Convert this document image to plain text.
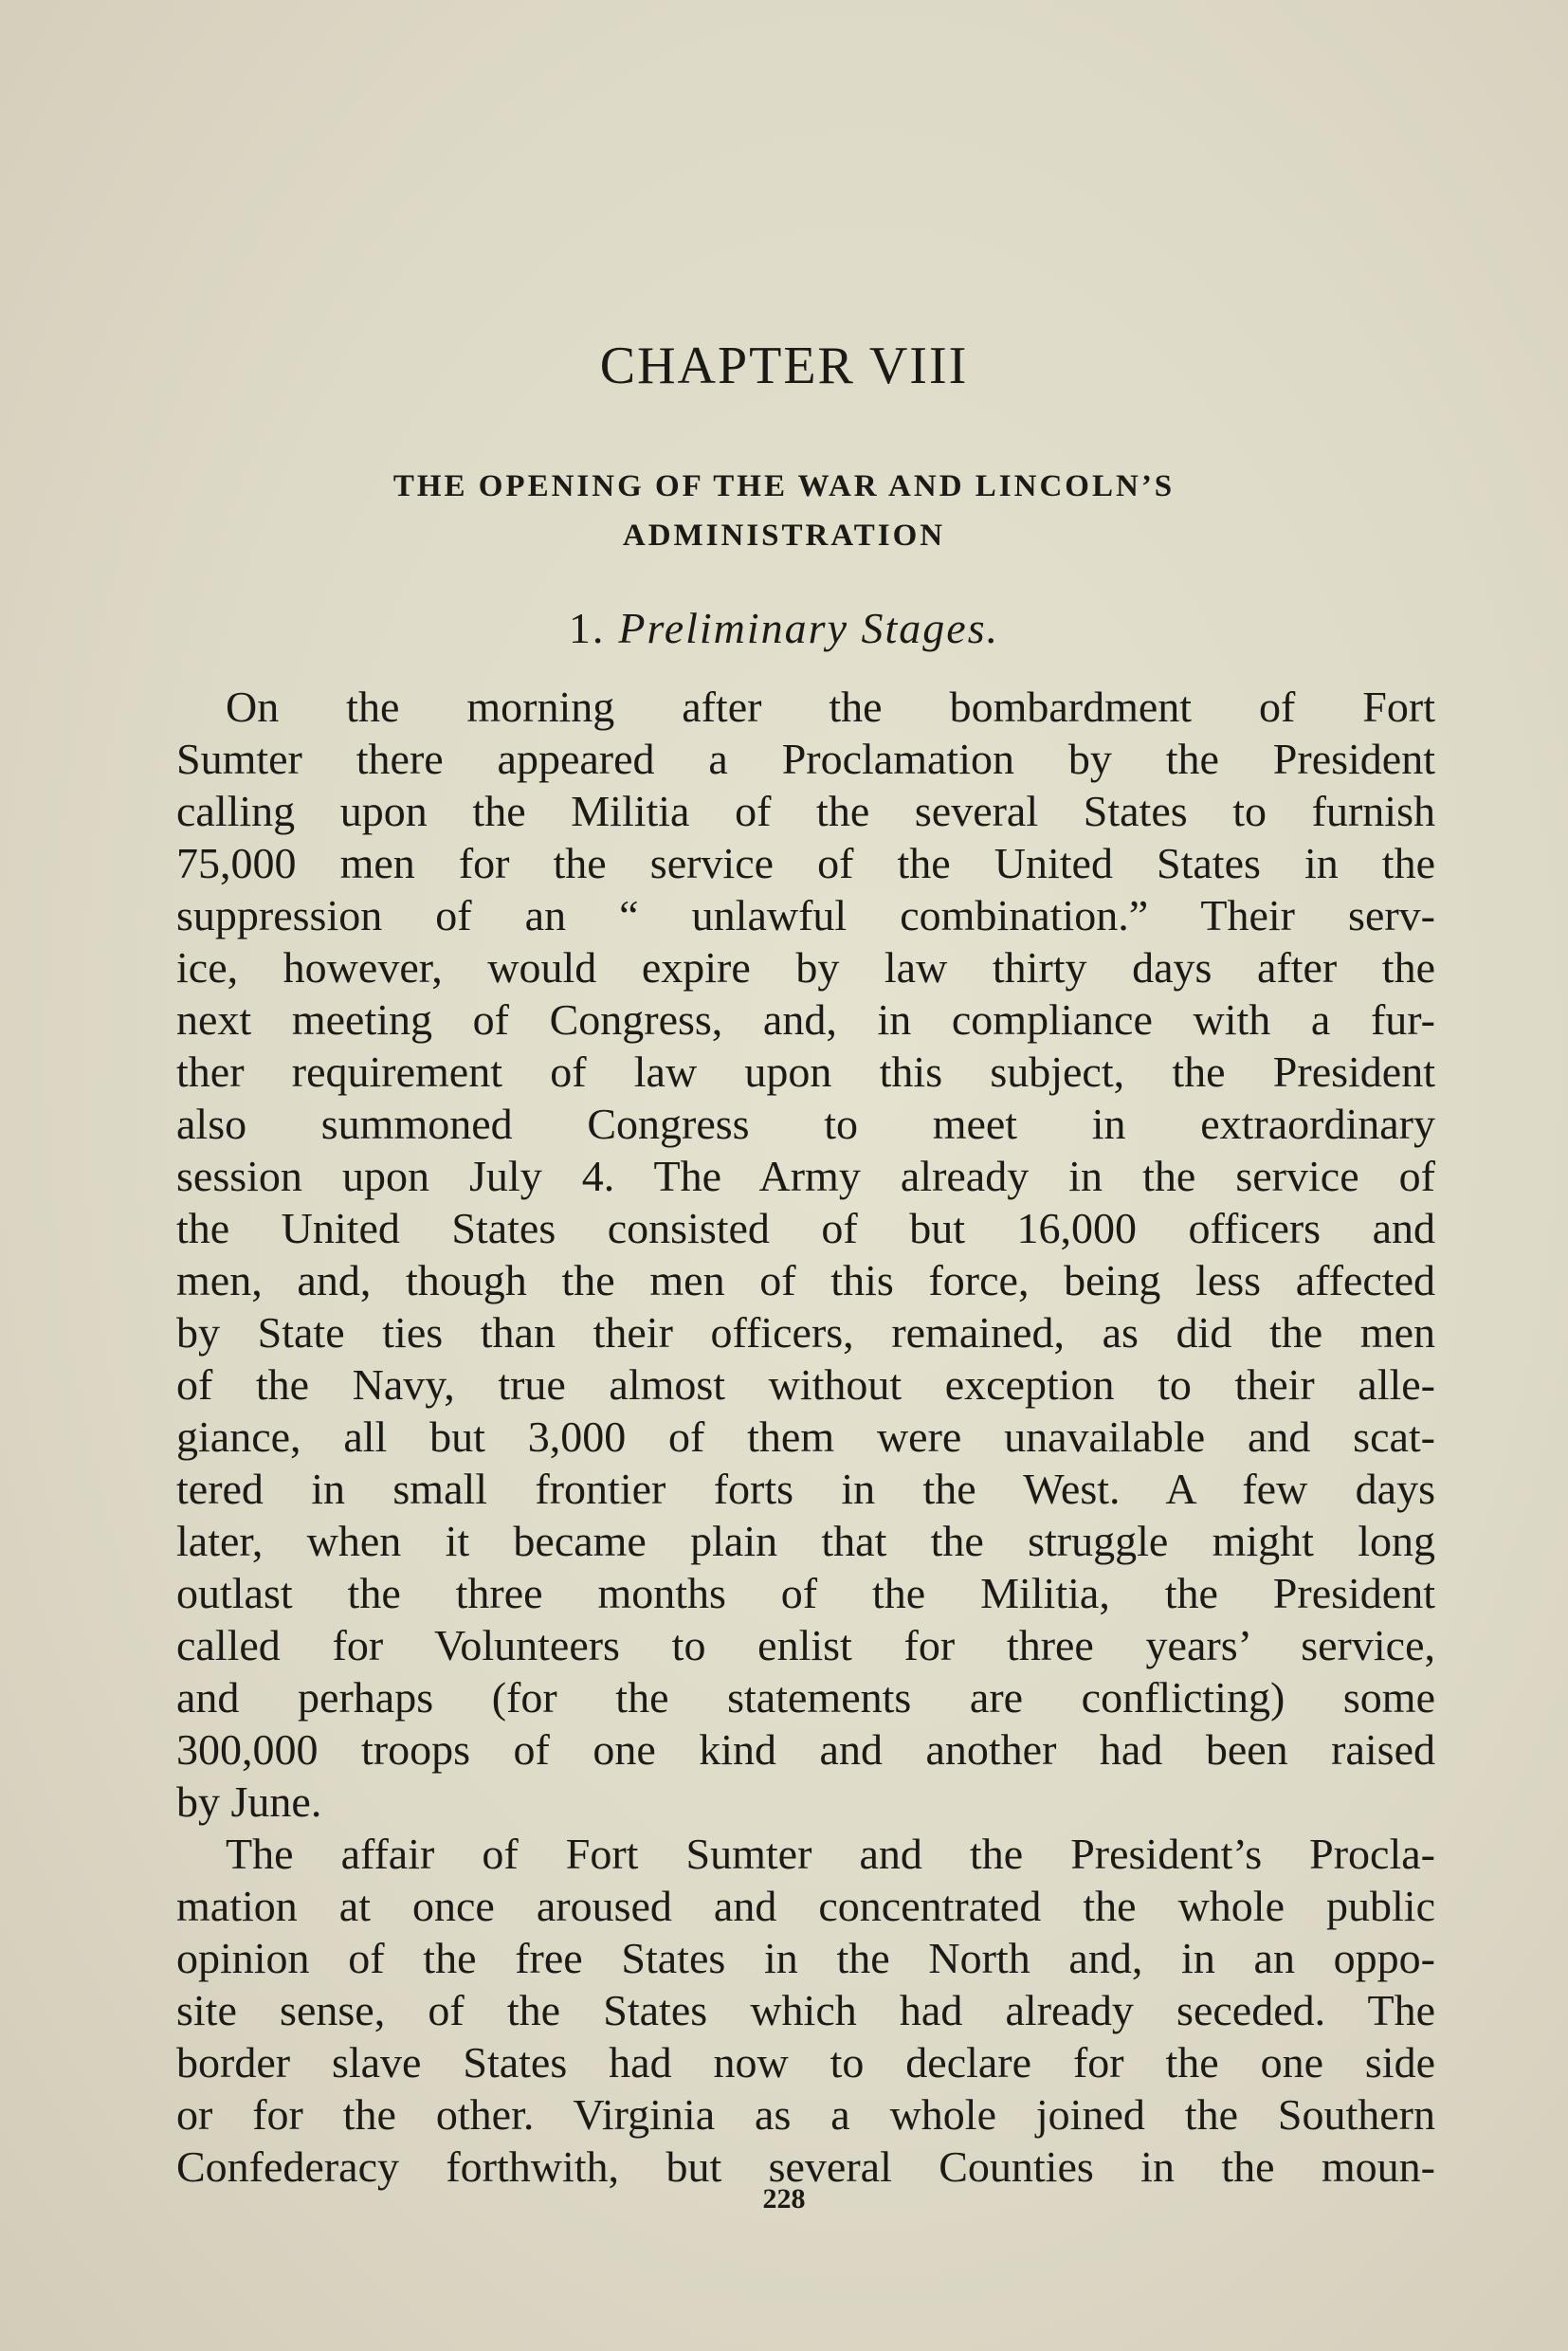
CHAPTER VIII
THE OPENING OF THE WAR AND LINCOLN’S
ADMINISTRATION
1. Preliminary Stages.
On the morning after the bombardment of Fort
Sumter there appeared a Proclamation by the President
calling upon the Militia of the several States to furnish
75,000 men for the service of the United States in the
suppression of an “ unlawful combination.” Their serv-
ice, however, would expire by law thirty days after the
next meeting of Congress, and, in compliance with a fur-
ther requirement of law upon this subject, the President
also summoned Congress to meet in extraordinary
session upon July 4. The Army already in the service of
the United States consisted of but 16,000 officers and
men, and, though the men of this force, being less affected
by State ties than their officers, remained, as did the men
of the Navy, true almost without exception to their alle-
giance, all but 3,000 of them were unavailable and scat-
tered in small frontier forts in the West. A few days
later, when it became plain that the struggle might long
outlast the three months of the Militia, the President
called for Volunteers to enlist for three years’ service,
and perhaps (for the statements are conflicting) some
300,000 troops of one kind and another had been raised
by June.
The affair of Fort Sumter and the President’s Procla-
mation at once aroused and concentrated the whole public
opinion of the free States in the North and, in an oppo-
site sense, of the States which had already seceded. The
border slave States had now to declare for the one side
or for the other. Virginia as a whole joined the Southern
Confederacy forthwith, but several Counties in the moun-
228
